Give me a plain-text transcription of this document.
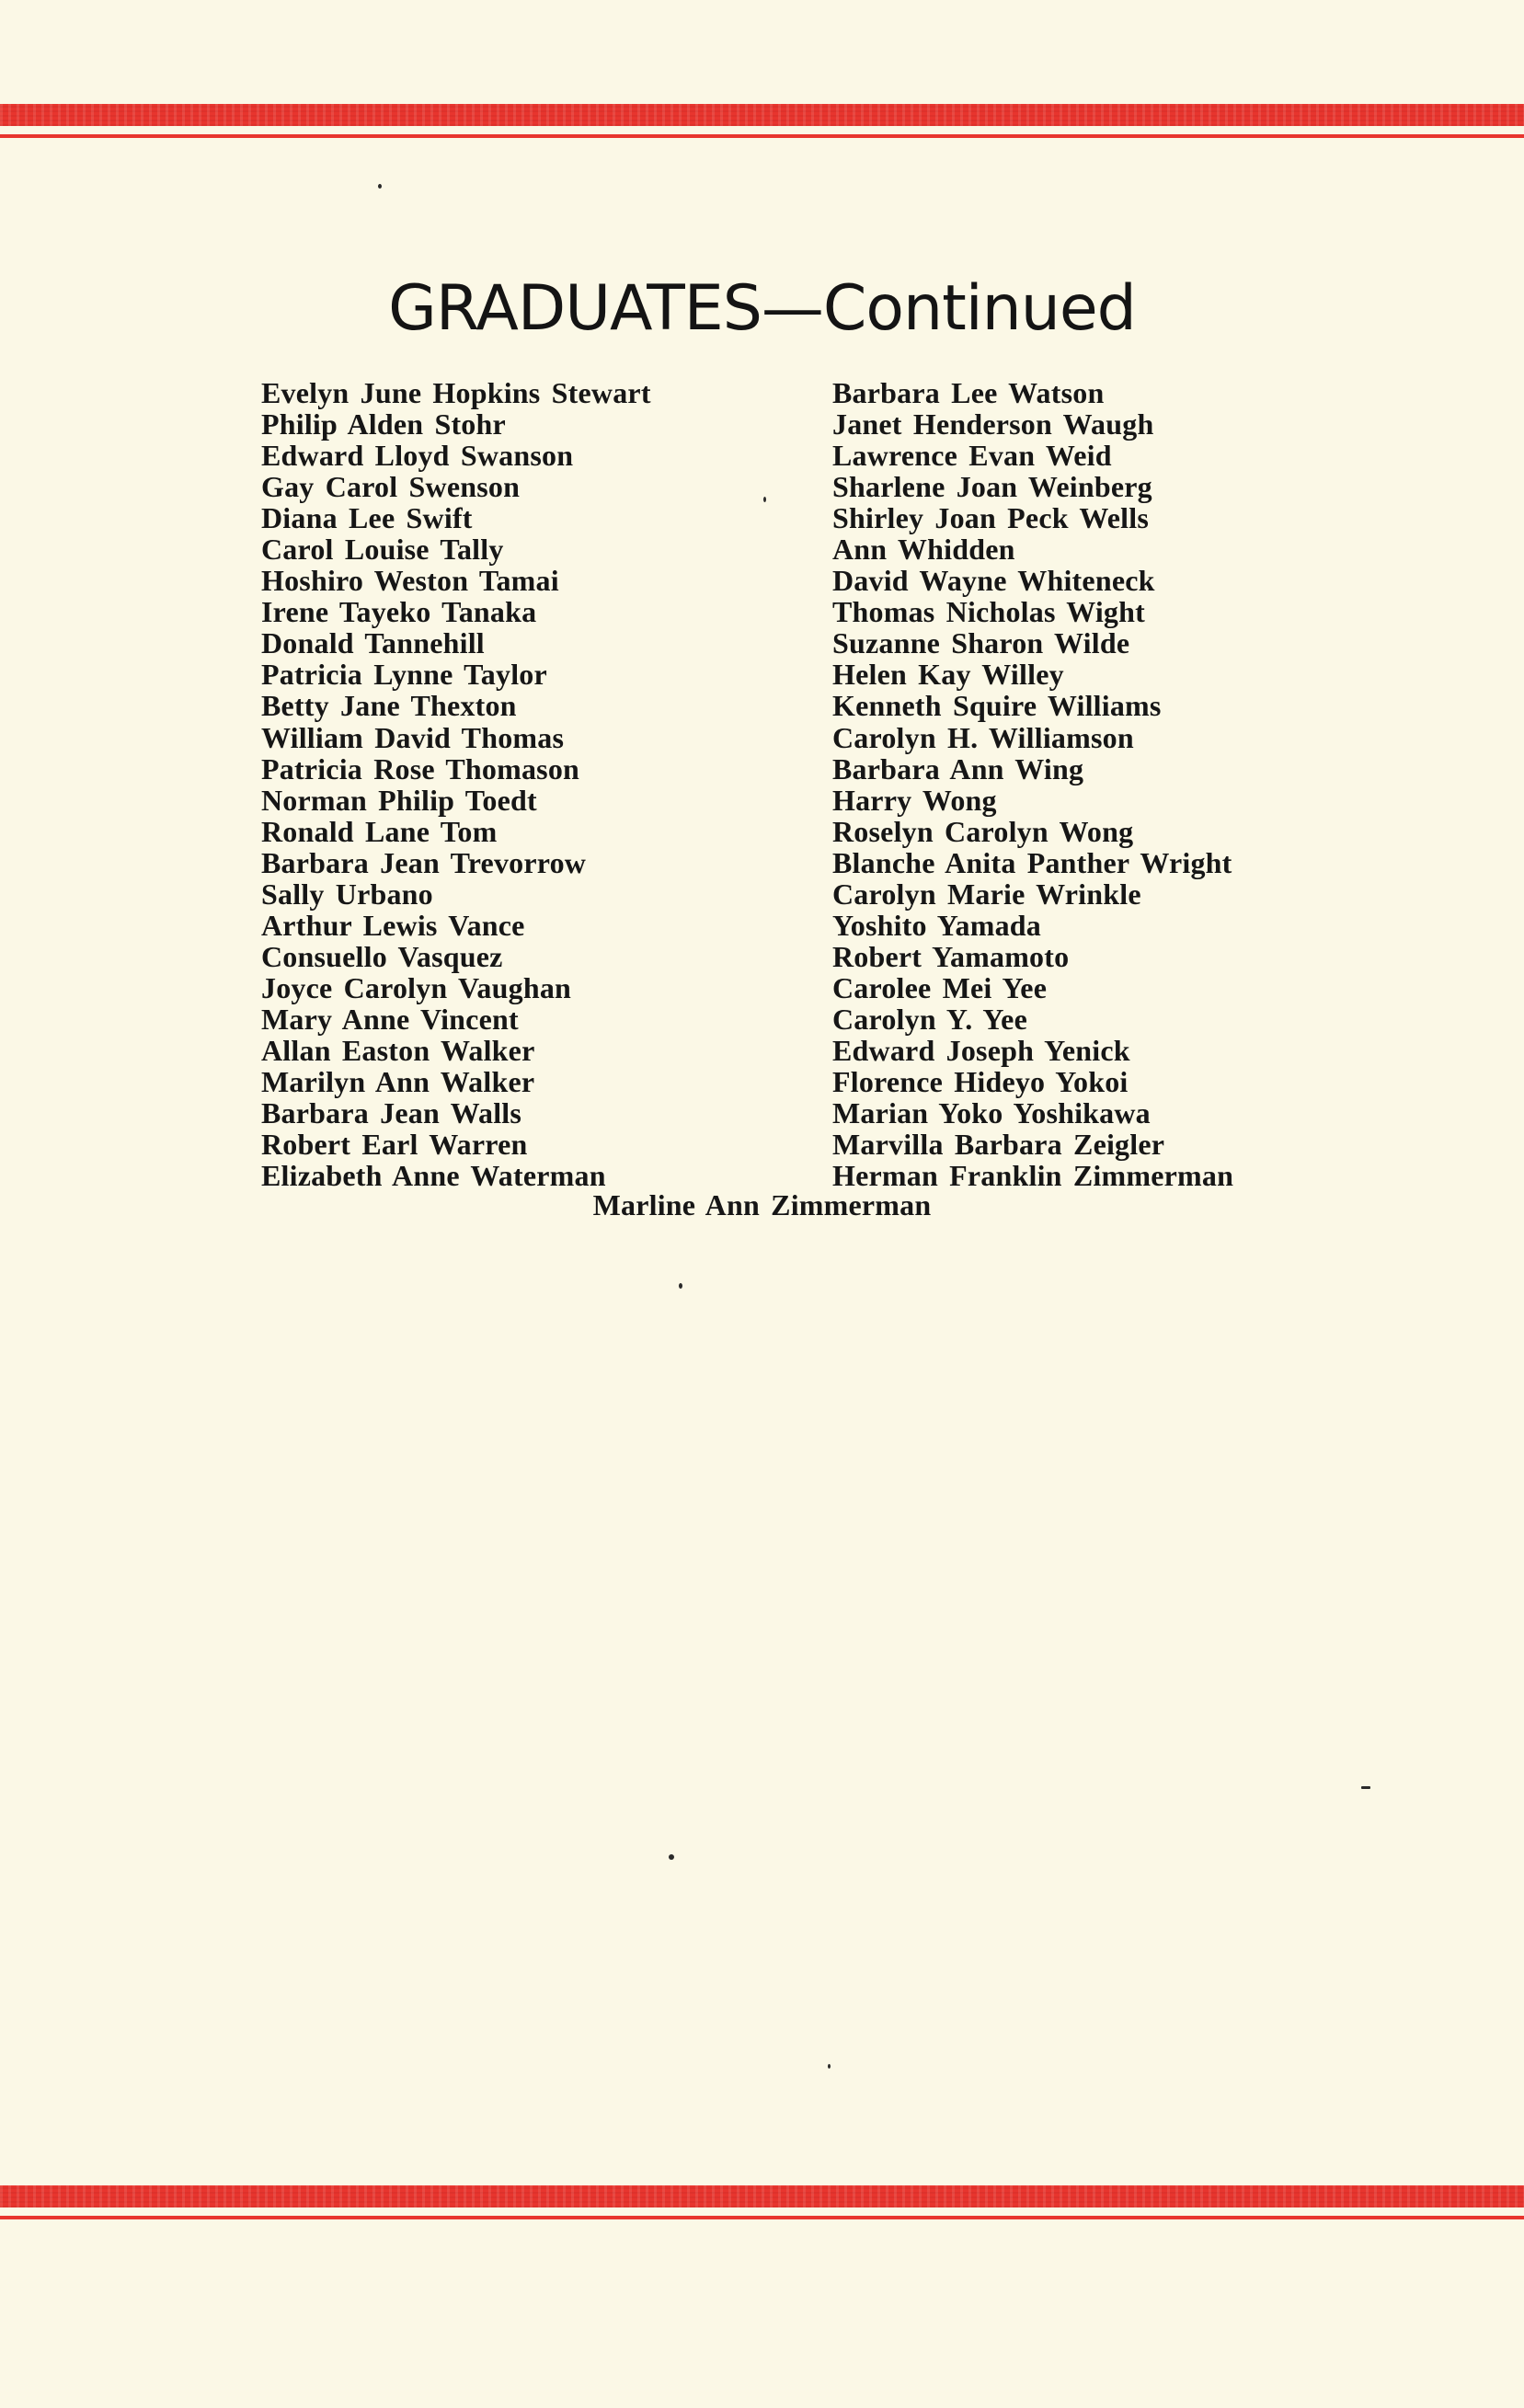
GRADUATES—Continued
Evelyn June Hopkins Stewart
Philip Alden Stohr
Edward Lloyd Swanson
Gay Carol Swenson
Diana Lee Swift
Carol Louise Tally
Hoshiro Weston Tamai
Irene Tayeko Tanaka
Donald Tannehill
Patricia Lynne Taylor
Betty Jane Thexton
William David Thomas
Patricia Rose Thomason
Norman Philip Toedt
Ronald Lane Tom
Barbara Jean Trevorrow
Sally Urbano
Arthur Lewis Vance
Consuello Vasquez
Joyce Carolyn Vaughan
Mary Anne Vincent
Allan Easton Walker
Marilyn Ann Walker
Barbara Jean Walls
Robert Earl Warren
Elizabeth Anne Waterman
Barbara Lee Watson
Janet Henderson Waugh
Lawrence Evan Weid
Sharlene Joan Weinberg
Shirley Joan Peck Wells
Ann Whidden
David Wayne Whiteneck
Thomas Nicholas Wight
Suzanne Sharon Wilde
Helen Kay Willey
Kenneth Squire Williams
Carolyn H. Williamson
Barbara Ann Wing
Harry Wong
Roselyn Carolyn Wong
Blanche Anita Panther Wright
Carolyn Marie Wrinkle
Yoshito Yamada
Robert Yamamoto
Carolee Mei Yee
Carolyn Y. Yee
Edward Joseph Yenick
Florence Hideyo Yokoi
Marian Yoko Yoshikawa
Marvilla Barbara Zeigler
Herman Franklin Zimmerman
Marline Ann Zimmerman
